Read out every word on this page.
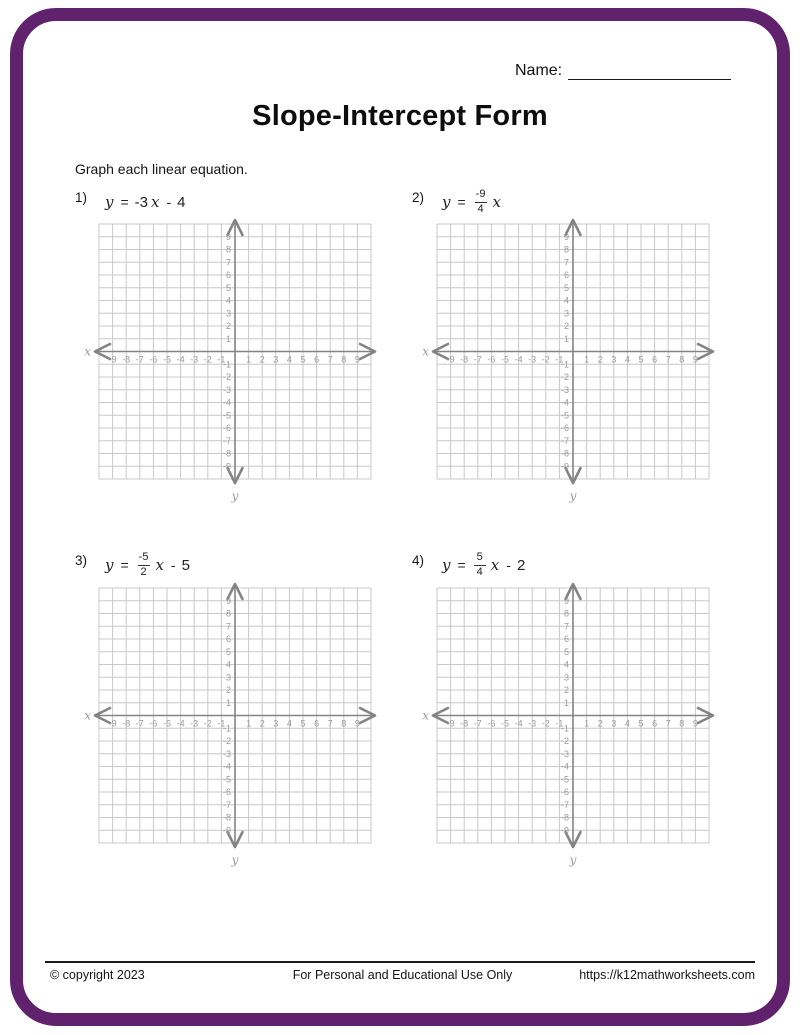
Name:
Slope-Intercept Form
Graph each linear equation.
1) y = -3 x - 4	2) $y = \frac{-9}{4}$ x
3) $y = \frac{-5}{2}$ x - 5	4) $y = \frac{5}{4}$ x - 2
x
y
-9 -8 -7 -6 -5 -4 -3 -2 -1 1 2 3 4 5 6 7 8 9
9
8
7
6
5
4
3
2
1
-1
-2
-3
-4
-5
-6
-7
-8
-9
x
y
-9 -8 -7 -6 -5 -4 -3 -2 -1 1 2 3 4 5 6 7 8 9
9
8
7
6
5
4
3
2
1
-1
-2
-3
-4
-5
-6
-7
-8
-9
x
y
-9 -8 -7 -6 -5 -4 -3 -2 -1 1 2 3 4 5 6 7 8 9
9
8
7
6
5
4
3
2
1
-1
-2
-3
-4
-5
-6
-7
-8
-9
x
y
-9 -8 -7 -6 -5 -4 -3 -2 -1 1 2 3 4 5 6 7 8 9
9
8
7
6
5
4
3
2
1
-1
-2
-3
-4
-5
-6
-7
-8
-9
© copyright 2023	For Personal and Educational Use Only	https://k12mathworksheets.com
